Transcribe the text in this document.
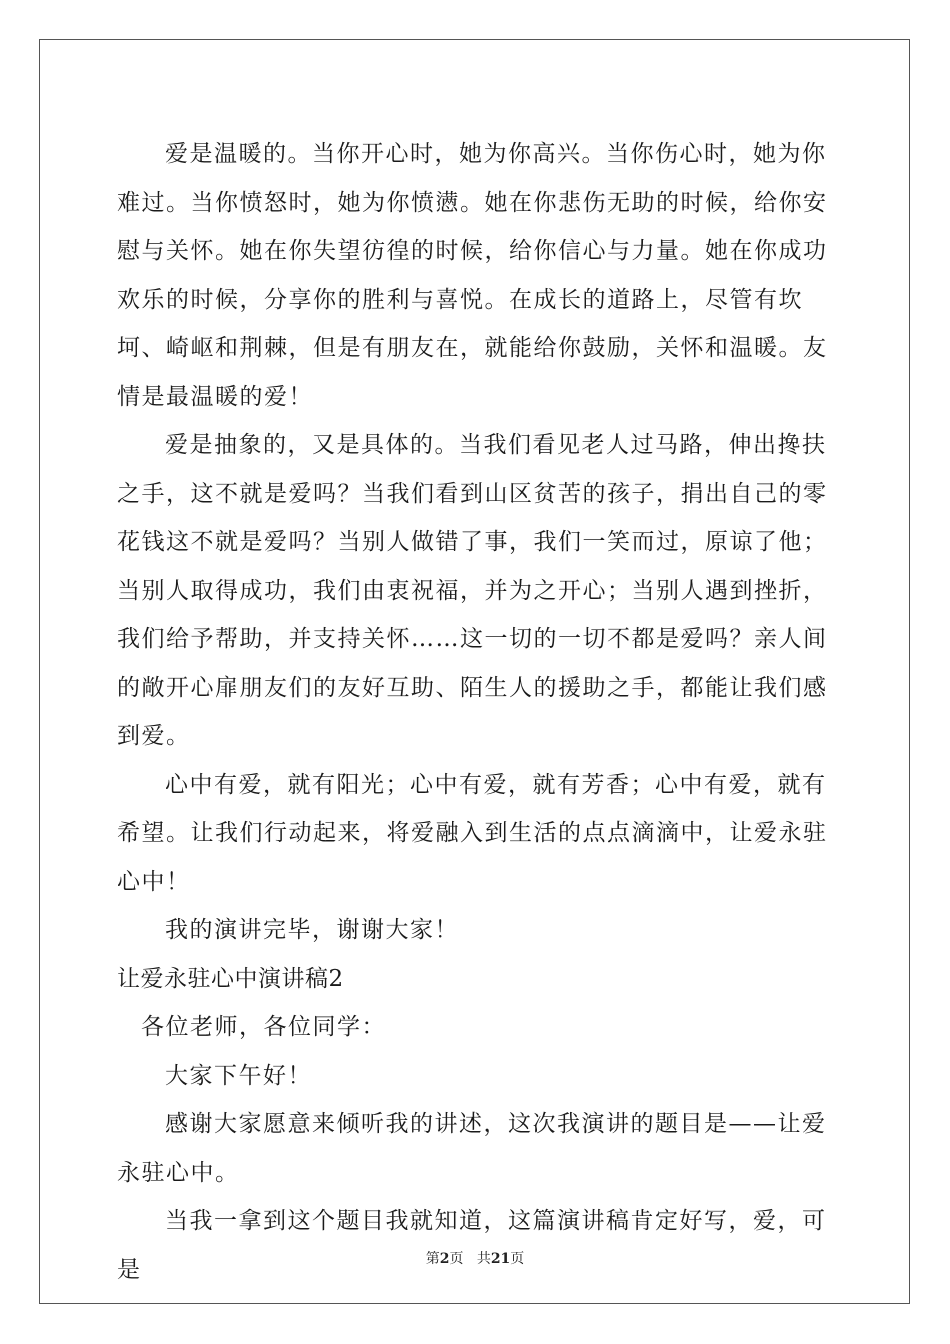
爱是温暖的。当你开心时，她为你高兴。当你伤心时，她为你难过。当你愤怒时，她为你愤懑。她在你悲伤无助的时候，给你安慰与关怀。她在你失望彷徨的时候，给你信心与力量。她在你成功欢乐的时候，分享你的胜利与喜悦。在成长的道路上，尽管有坎坷、崎岖和荆棘，但是有朋友在，就能给你鼓励，关怀和温暖。友情是最温暖的爱！

爱是抽象的，又是具体的。当我们看见老人过马路，伸出搀扶之手，这不就是爱吗？当我们看到山区贫苦的孩子，捐出自己的零花钱这不就是爱吗？当别人做错了事，我们一笑而过，原谅了他；当别人取得成功，我们由衷祝福，并为之开心；当别人遇到挫折，我们给予帮助，并支持关怀……这一切的一切不都是爱吗？亲人间的敞开心扉朋友们的友好互助、陌生人的援助之手，都能让我们感到爱。

心中有爱，就有阳光；心中有爱，就有芳香；心中有爱，就有希望。让我们行动起来，将爱融入到生活的点点滴滴中，让爱永驻心中！

我的演讲完毕，谢谢大家！

让爱永驻心中演讲稿2

各位老师，各位同学：

大家下午好！

感谢大家愿意来倾听我的讲述，这次我演讲的题目是——让爱永驻心中。

当我一拿到这个题目我就知道，这篇演讲稿肯定好写，爱，可是	第2页 共21页
